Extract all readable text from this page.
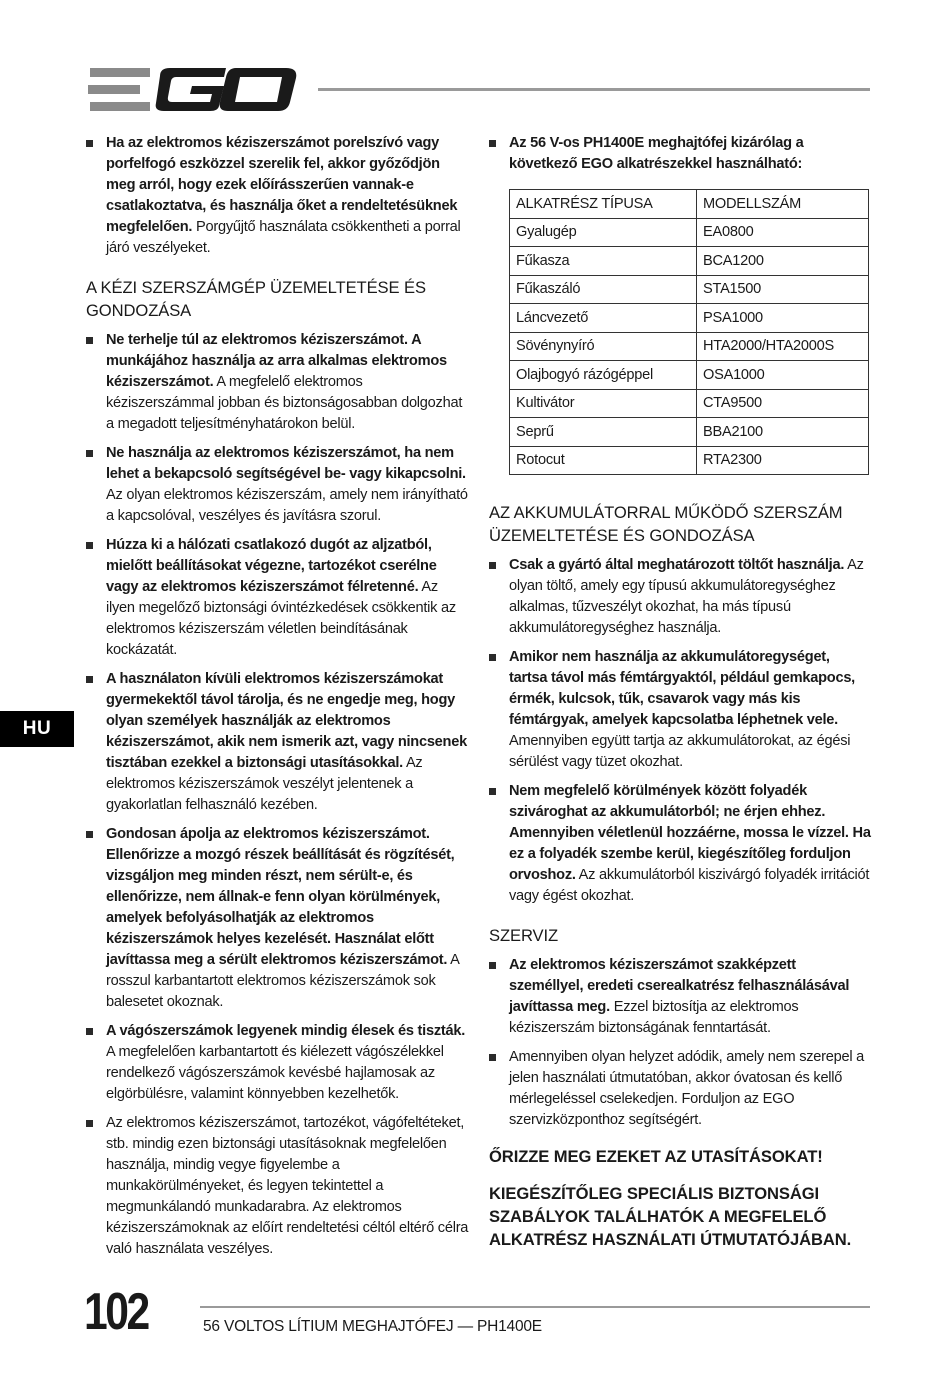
Ha az elektromos kéziszerszámot porelszívó vagy porfelfogó eszközzel szerelik fel, akkor győződjön meg arról, hogy ezek előírásszerűen vannak-e csatlakoztatva, és használja őket a rendeltetésüknek megfelelően. Porgyűjtő használata csökkentheti a porral járó veszélyeket.
A KÉZI SZERSZÁMGÉP ÜZEMELTETÉSE ÉS GONDOZÁSA
Ne terhelje túl az elektromos kéziszerszámot. A munkájához használja az arra alkalmas elektromos kéziszerszámot. A megfelelő elektromos kéziszerszámmal jobban és biztonságosabban dolgozhat a megadott teljesítményhatárokon belül.
Ne használja az elektromos kéziszerszámot, ha nem lehet a bekapcsoló segítségével be- vagy kikapcsolni. Az olyan elektromos kéziszerszám, amely nem irányítható a kapcsolóval, veszélyes és javításra szorul.
Húzza ki a hálózati csatlakozó dugót az aljzatból, mielőtt beállításokat végezne, tartozékot cserélne vagy az elektromos kéziszerszámot félretenné. Az ilyen megelőző biztonsági óvintézkedések csökkentik az elektromos kéziszerszám véletlen beindításának kockázatát.
A használaton kívüli elektromos kéziszerszámokat gyermekektől távol tárolja, és ne engedje meg, hogy olyan személyek használják az elektromos kéziszerszámot, akik nem ismerik azt, vagy nincsenek tisztában ezekkel a biztonsági utasításokkal. Az elektromos kéziszerszámok veszélyt jelentenek a gyakorlatlan felhasználó kezében.
Gondosan ápolja az elektromos kéziszerszámot. Ellenőrizze a mozgó részek beállítását és rögzítését, vizsgáljon meg minden részt, nem sérült-e, és ellenőrizze, nem állnak-e fenn olyan körülmények, amelyek befolyásolhatják az elektromos kéziszerszámok helyes kezelését. Használat előtt javíttassa meg a sérült elektromos kéziszerszámot. A rosszul karbantartott elektromos kéziszerszámok sok balesetet okoznak.
A vágószerszámok legyenek mindig élesek és tiszták. A megfelelően karbantartott és kiélezett vágószélekkel rendelkező vágószerszámok kevésbé hajlamosak az elgörbülésre, valamint könnyebben kezelhetők.
Az elektromos kéziszerszámot, tartozékot, vágófeltéteket, stb. mindig ezen biztonsági utasításoknak megfelelően használja, mindig vegye figyelembe a munkakörülményeket, és legyen tekintettel a megmunkálandó munkadarabra. Az elektromos kéziszerszámoknak az előírt rendeltetési céltól eltérő célra való használata veszélyes.
Az 56 V-os PH1400E meghajtófej kizárólag a következő EGO alkatrészekkel használható:
ALKATRÉSZ TÍPUSA	MODELLSZÁM
Gyalugép	EA0800
Fűkasza	BCA1200
Fűkaszáló	STA1500
Láncvezető	PSA1000
Sövénynyíró	HTA2000/HTA2000S
Olajbogyó rázógéppel	OSA1000
Kultivátor	CTA9500
Seprű	BBA2100
Rotocut	RTA2300
AZ AKKUMULÁTORRAL MŰKÖDŐ SZERSZÁM ÜZEMELTETÉSE ÉS GONDOZÁSA
Csak a gyártó által meghatározott töltőt használja. Az olyan töltő, amely egy típusú akkumulátoregységhez alkalmas, tűzveszélyt okozhat, ha más típusú akkumulátoregységhez használja.
Amikor nem használja az akkumulátoregységet, tartsa távol más fémtárgyaktól, például gemkapocs, érmék, kulcsok, tűk, csavarok vagy más kis fémtárgyak, amelyek kapcsolatba léphetnek vele. Amennyiben együtt tartja az akkumulátorokat, az égési sérülést vagy tüzet okozhat.
Nem megfelelő körülmények között folyadék szivároghat az akkumulátorból; ne érjen ehhez. Amennyiben véletlenül hozzáérne, mossa le vízzel. Ha ez a folyadék szembe kerül, kiegészítőleg forduljon orvoshoz. Az akkumulátorból kiszivárgó folyadék irritációt vagy égést okozhat.
SZERVIZ
Az elektromos kéziszerszámot szakképzett személlyel, eredeti cserealkatrész felhasználásával javíttassa meg. Ezzel biztosítja az elektromos kéziszerszám biztonságának fenntartását.
Amennyiben olyan helyzet adódik, amely nem szerepel a jelen használati útmutatóban, akkor óvatosan és kellő mérlegeléssel cselekedjen. Forduljon az EGO szervizközponthoz segítségért.
ŐRIZZE MEG EZEKET AZ UTASÍTÁSOKAT!
KIEGÉSZÍTŐLEG SPECIÁLIS BIZTONSÁGI SZABÁLYOK TALÁLHATÓK A MEGFELELŐ ALKATRÉSZ HASZNÁLATI ÚTMUTATÓJÁBAN.
HU
102	56 VOLTOS LÍTIUM MEGHAJTÓFEJ — PH1400E
